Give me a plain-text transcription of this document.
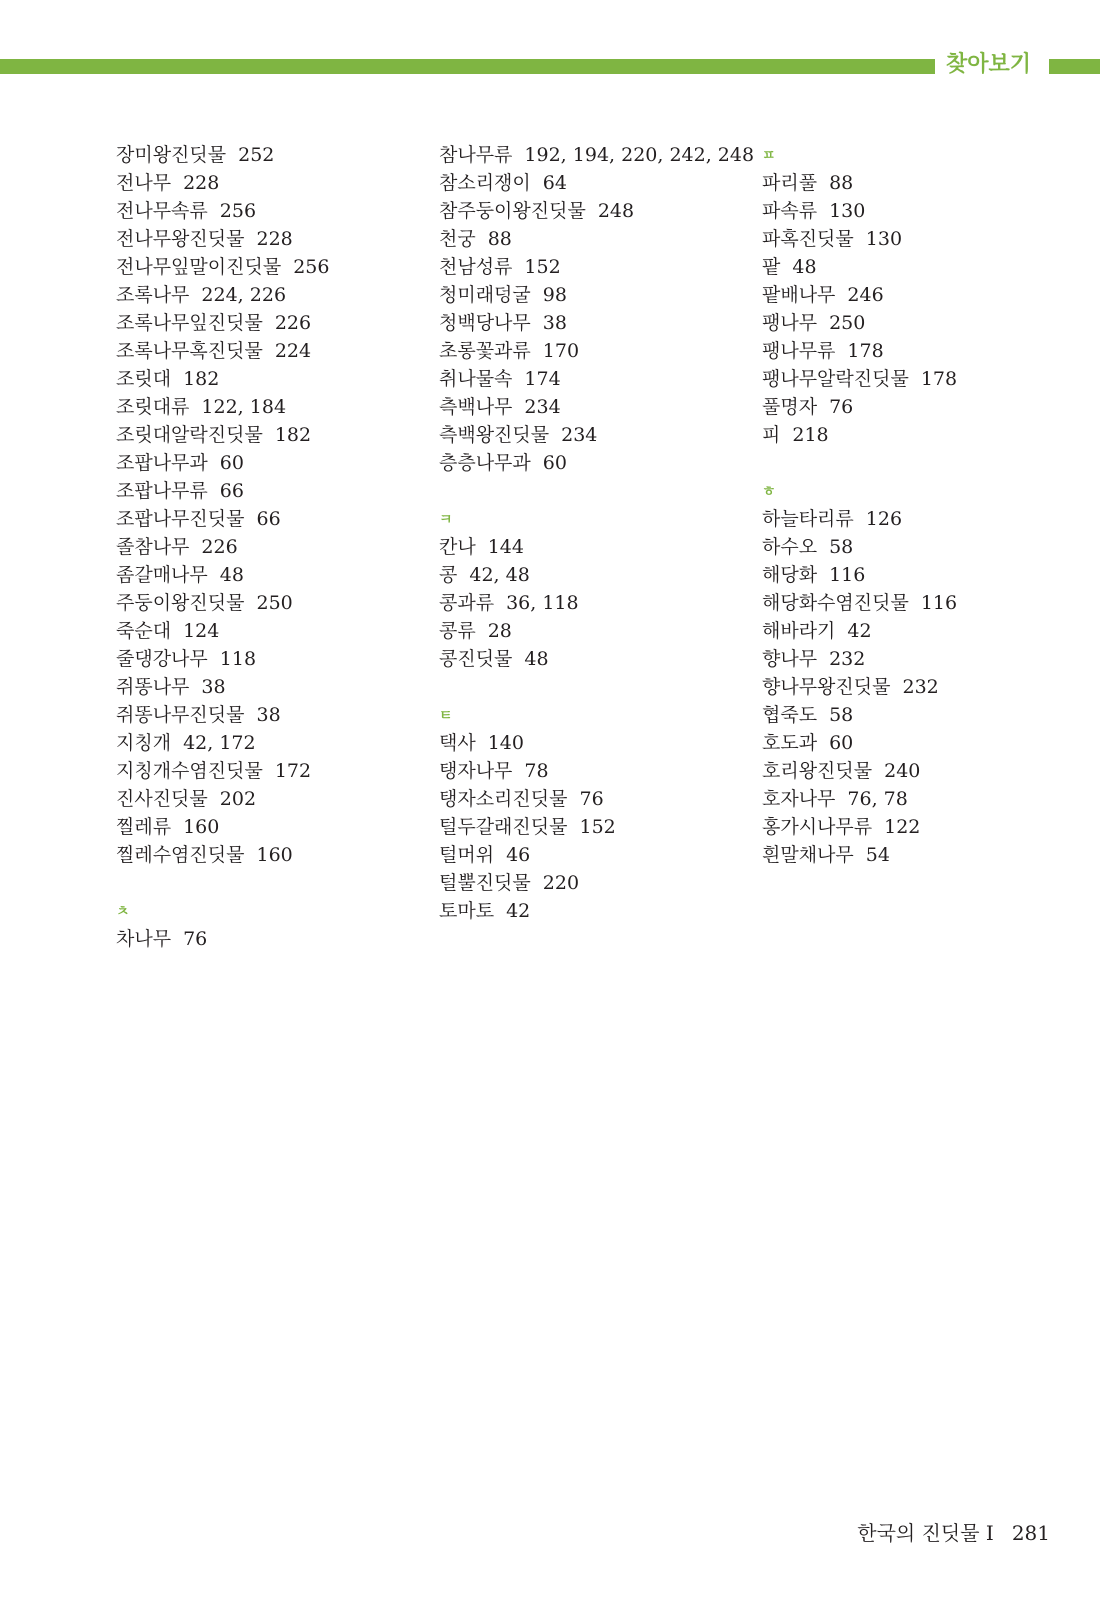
찾아보기
장미왕진딧물 252
전나무 228
전나무속류 256
전나무왕진딧물 228
전나무잎말이진딧물 256
조록나무 224, 226
조록나무잎진딧물 226
조록나무혹진딧물 224
조릿대 182
조릿대류 122, 184
조릿대알락진딧물 182
조팝나무과 60
조팝나무류 66
조팝나무진딧물 66
졸참나무 226
좀갈매나무 48
주둥이왕진딧물 250
죽순대 124
줄댕강나무 118
쥐똥나무 38
쥐똥나무진딧물 38
지칭개 42, 172
지칭개수염진딧물 172
진사진딧물 202
찔레류 160
찔레수염진딧물 160
ㅊ
차나무 76
참나무류 192, 194, 220, 242, 248
참소리쟁이 64
참주둥이왕진딧물 248
천궁 88
천남성류 152
청미래덩굴 98
청백당나무 38
초롱꽃과류 170
취나물속 174
측백나무 234
측백왕진딧물 234
층층나무과 60
ㅋ
칸나 144
콩 42, 48
콩과류 36, 118
콩류 28
콩진딧물 48
ㅌ
택사 140
탱자나무 78
탱자소리진딧물 76
털두갈래진딧물 152
털머위 46
털뿔진딧물 220
토마토 42
ㅍ
파리풀 88
파속류 130
파혹진딧물 130
팥 48
팥배나무 246
팽나무 250
팽나무류 178
팽나무알락진딧물 178
풀명자 76
피 218
ㅎ
하늘타리류 126
하수오 58
해당화 116
해당화수염진딧물 116
해바라기 42
향나무 232
향나무왕진딧물 232
협죽도 58
호도과 60
호리왕진딧물 240
호자나무 76, 78
홍가시나무류 122
흰말채나무 54
한국의 진딧물 I 281
